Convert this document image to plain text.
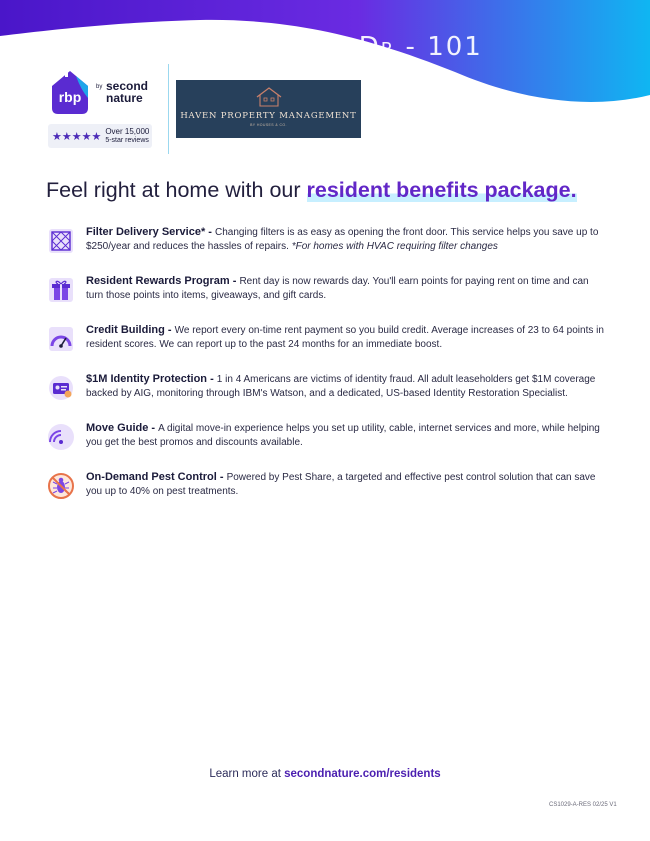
Branch Dr - 101
rbp
by second
nature
★★★★★ Over 15,000
5-star reviews
HAVEN PROPERTY MANAGEMENT
BY HOUSES & CO.
Feel right at home with our resident benefits package.
Filter Delivery Service* - Changing filters is as easy as opening the front door. This service helps you save up to $250/year and reduces the hassles of repairs. *For homes with HVAC requiring filter changes
Resident Rewards Program - Rent day is now rewards day. You'll earn points for paying rent on time and can turn those points into items, giveaways, and gift cards.
Credit Building - We report every on-time rent payment so you build credit. Average increases of 23 to 64 points in resident scores. We can report up to the past 24 months for an immediate boost.
$1M Identity Protection - 1 in 4 Americans are victims of identity fraud. All adult leaseholders get $1M coverage backed by AIG, monitoring through IBM's Watson, and a dedicated, US-based Identity Restoration Specialist.
Move Guide - A digital move-in experience helps you set up utility, cable, internet services and more, while helping you get the best promos and discounts available.
On-Demand Pest Control - Powered by Pest Share, a targeted and effective pest control solution that can save you up to 40% on pest treatments.
Learn more at secondnature.com/residents
CS1029-A-RES 02/25 V1
